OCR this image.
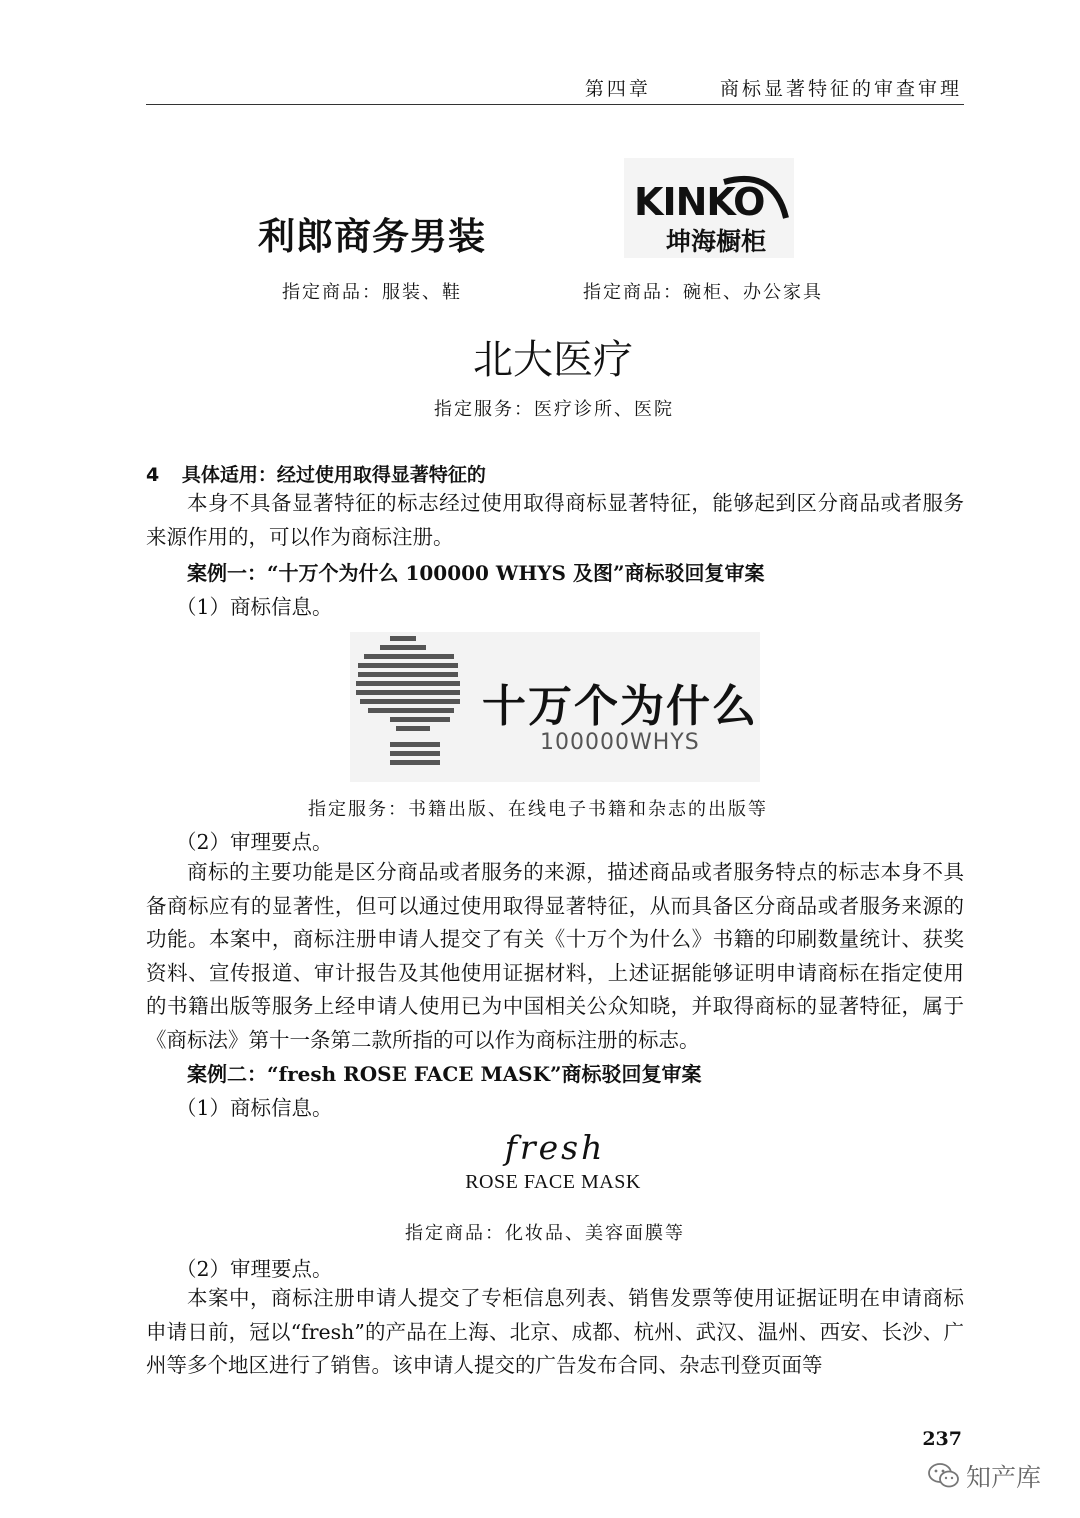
第四章	商标显著特征的审查审理
利郎商务男装
指定商品：服装、鞋
KINKO
坤海橱柜
指定商品：碗柜、办公家具
北大医疗
指定服务：医疗诊所、医院
4 具体适用：经过使用取得显著特征的
本身不具备显著特征的标志经过使用取得商标显著特征，能够起到区分商品或者服务来源作用的，可以作为商标注册。
案例一：“十万个为什么 100000 WHYS 及图”商标驳回复审案
（1）商标信息。
十万个为什么
100000WHYS
指定服务：书籍出版、在线电子书籍和杂志的出版等
（2）审理要点。
商标的主要功能是区分商品或者服务的来源，描述商品或者服务特点的标志本身不具备商标应有的显著性，但可以通过使用取得显著特征，从而具备区分商品或者服务来源的功能。本案中，商标注册申请人提交了有关《十万个为什么》书籍的印刷数量统计、获奖资料、宣传报道、审计报告及其他使用证据材料，上述证据能够证明申请商标在指定使用的书籍出版等服务上经申请人使用已为中国相关公众知晓，并取得商标的显著特征，属于《商标法》第十一条第二款所指的可以作为商标注册的标志。
案例二：“fresh ROSE FACE MASK”商标驳回复审案
（1）商标信息。
fresh
ROSE FACE MASK
指定商品：化妆品、美容面膜等
（2）审理要点。
本案中，商标注册申请人提交了专柜信息列表、销售发票等使用证据证明在申请商标申请日前，冠以“fresh”的产品在上海、北京、成都、杭州、武汉、温州、西安、长沙、广州等多个地区进行了销售。该申请人提交的广告发布合同、杂志刊登页面等
237
知产库
